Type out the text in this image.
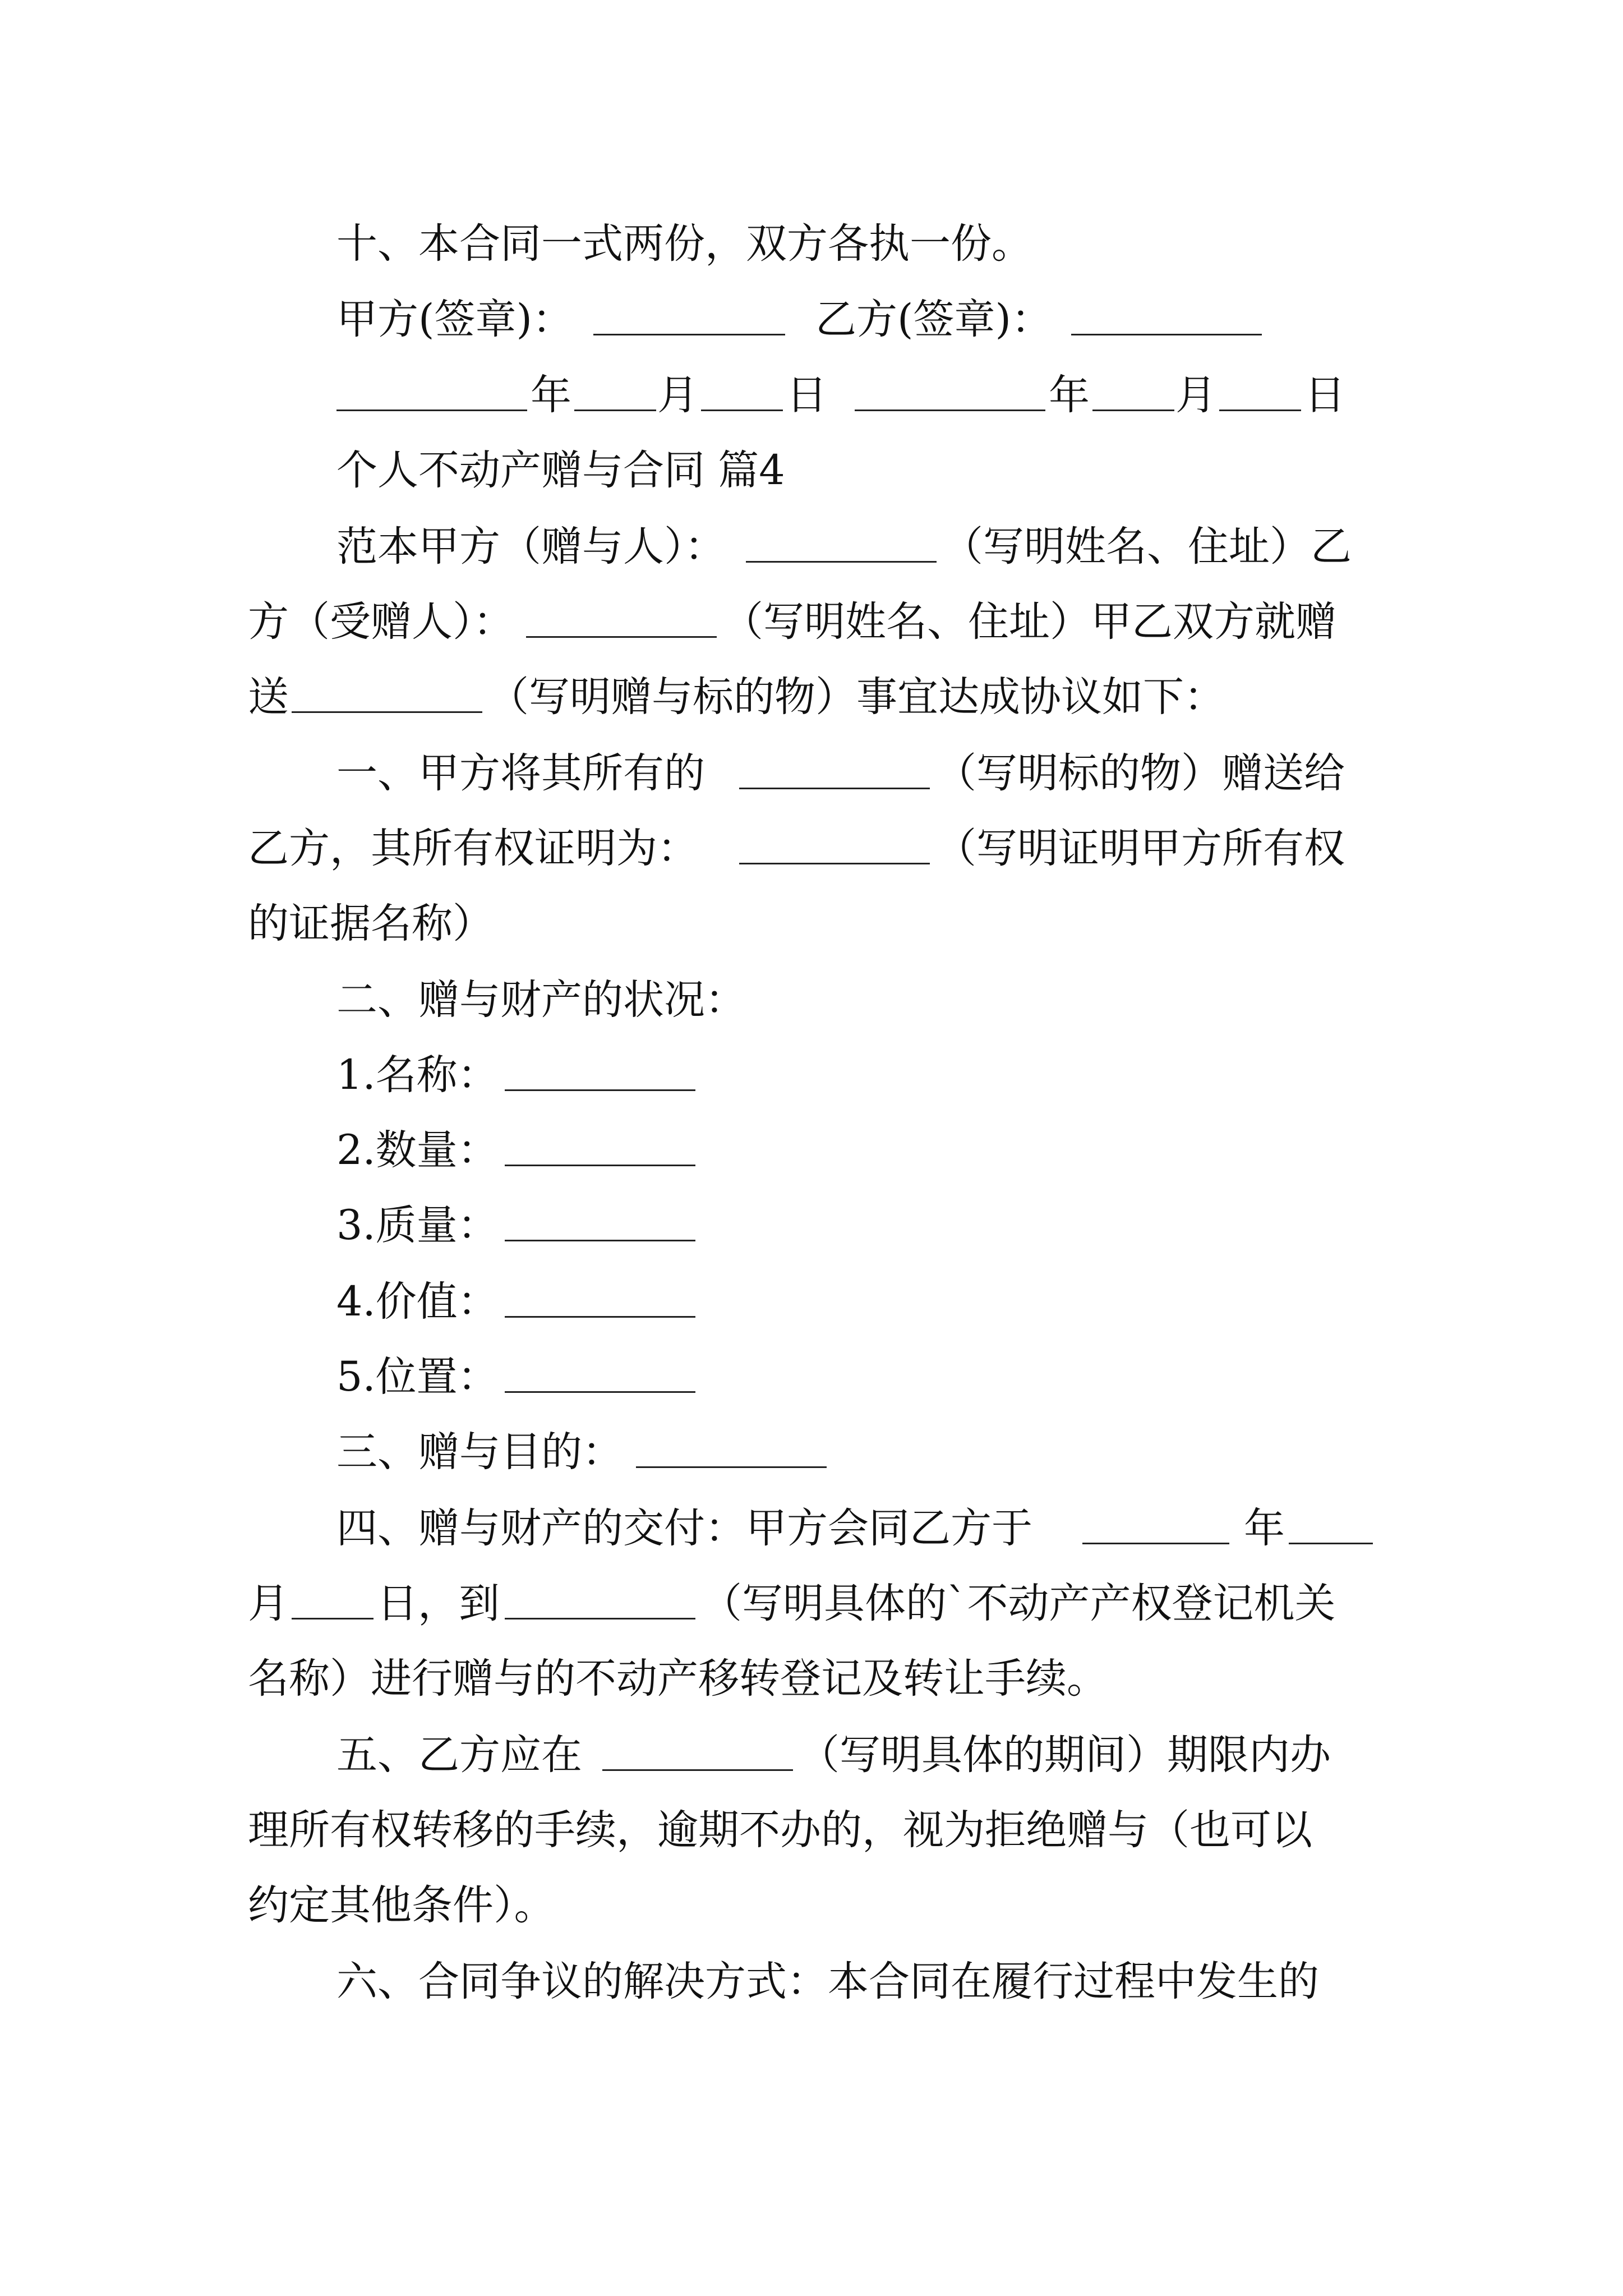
十、本合同一式两份，双方各执一份。

甲方(签章)：

	乙方(签章)：

年

月

日

	年

月

日

个人不动产赠与合同 篇4

范本甲方（赠与人）：

	（写明姓名、住址）乙

方（受赠人）：

	（写明姓名、住址）甲乙双方就赠

送

	（写明赠与标的物）事宜达成协议如下：

一、甲方将其所有的

	（写明标的物）赠送给

乙方，其所有权证明为：

	（写明证明甲方所有权

的证据名称）

二、赠与财产的状况：

1.名称：

2.数量：

3.质量：

4.价值：

5.位置：

三、赠与目的：

四、赠与财产的交付：甲方会同乙方于

	年

月

日，到

	（写明具体的`不动产产权登记机关

名称）进行赠与的不动产移转登记及转让手续。

五、乙方应在

	（写明具体的期间）期限内办

理所有权转移的手续，逾期不办的，视为拒绝赠与（也可以

约定其他条件）。

六、合同争议的解决方式：本合同在履行过程中发生的
